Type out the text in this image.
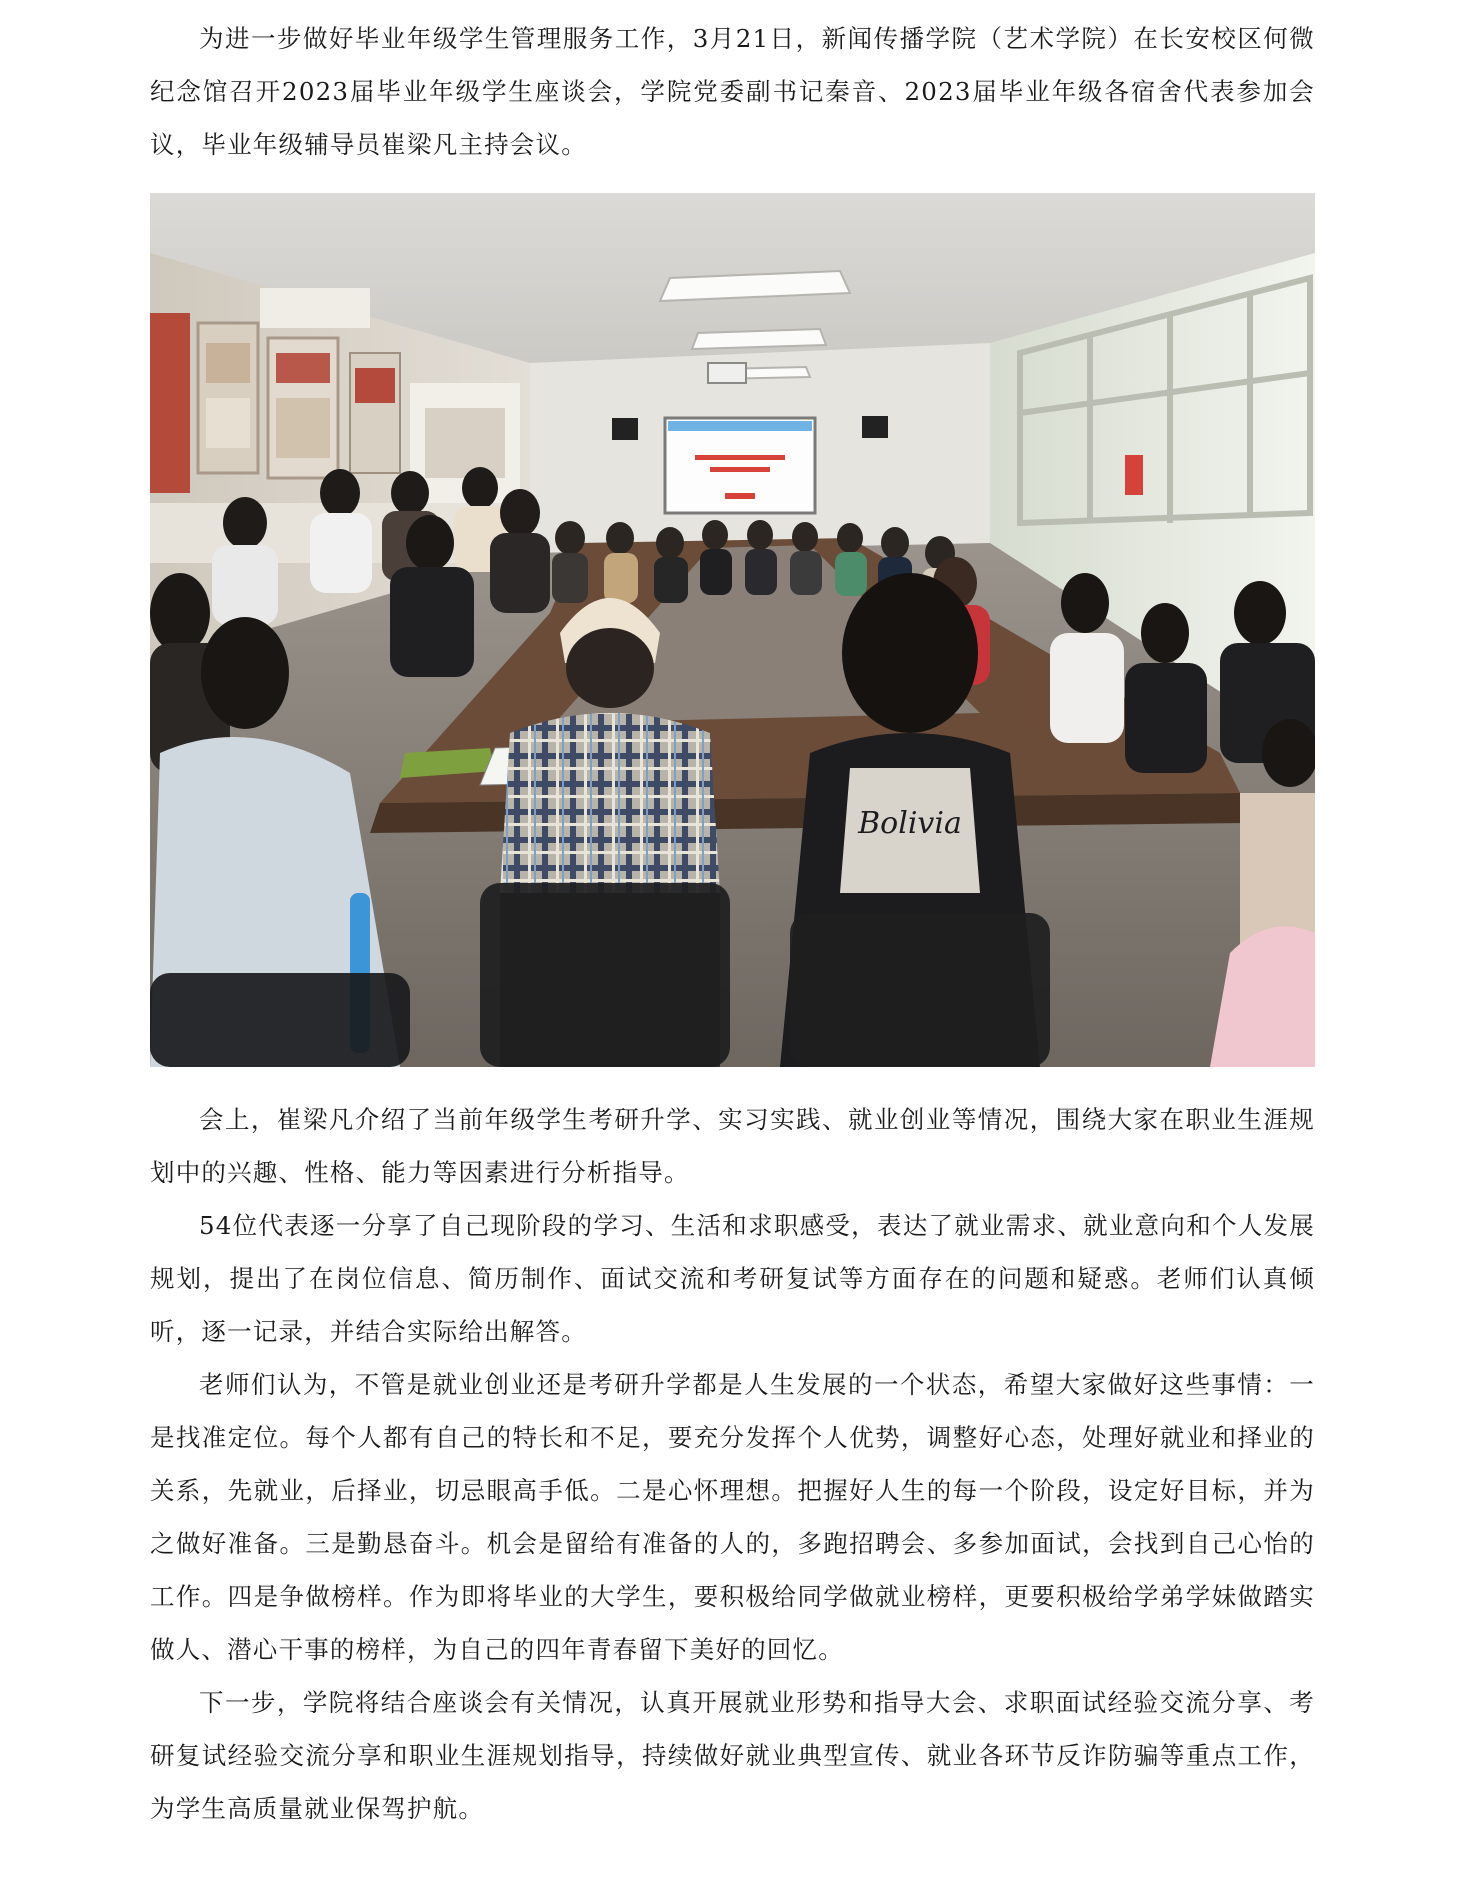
为进一步做好毕业年级学生管理服务工作，3月21日，新闻传播学院（艺术学院）在长安校区何微纪念馆召开2023届毕业年级学生座谈会，学院党委副书记秦音、2023届毕业年级各宿舍代表参加会议，毕业年级辅导员崔梁凡主持会议。

Bolivia

会上，崔梁凡介绍了当前年级学生考研升学、实习实践、就业创业等情况，围绕大家在职业生涯规划中的兴趣、性格、能力等因素进行分析指导。

54位代表逐一分享了自己现阶段的学习、生活和求职感受，表达了就业需求、就业意向和个人发展规划，提出了在岗位信息、简历制作、面试交流和考研复试等方面存在的问题和疑惑。老师们认真倾听，逐一记录，并结合实际给出解答。

老师们认为，不管是就业创业还是考研升学都是人生发展的一个状态，希望大家做好这些事情：一是找准定位。每个人都有自己的特长和不足，要充分发挥个人优势，调整好心态，处理好就业和择业的关系，先就业，后择业，切忌眼高手低。二是心怀理想。把握好人生的每一个阶段，设定好目标，并为之做好准备。三是勤恳奋斗。机会是留给有准备的人的，多跑招聘会、多参加面试，会找到自己心怡的工作。四是争做榜样。作为即将毕业的大学生，要积极给同学做就业榜样，更要积极给学弟学妹做踏实做人、潜心干事的榜样，为自己的四年青春留下美好的回忆。

下一步，学院将结合座谈会有关情况，认真开展就业形势和指导大会、求职面试经验交流分享、考研复试经验交流分享和职业生涯规划指导，持续做好就业典型宣传、就业各环节反诈防骗等重点工作，为学生高质量就业保驾护航。
